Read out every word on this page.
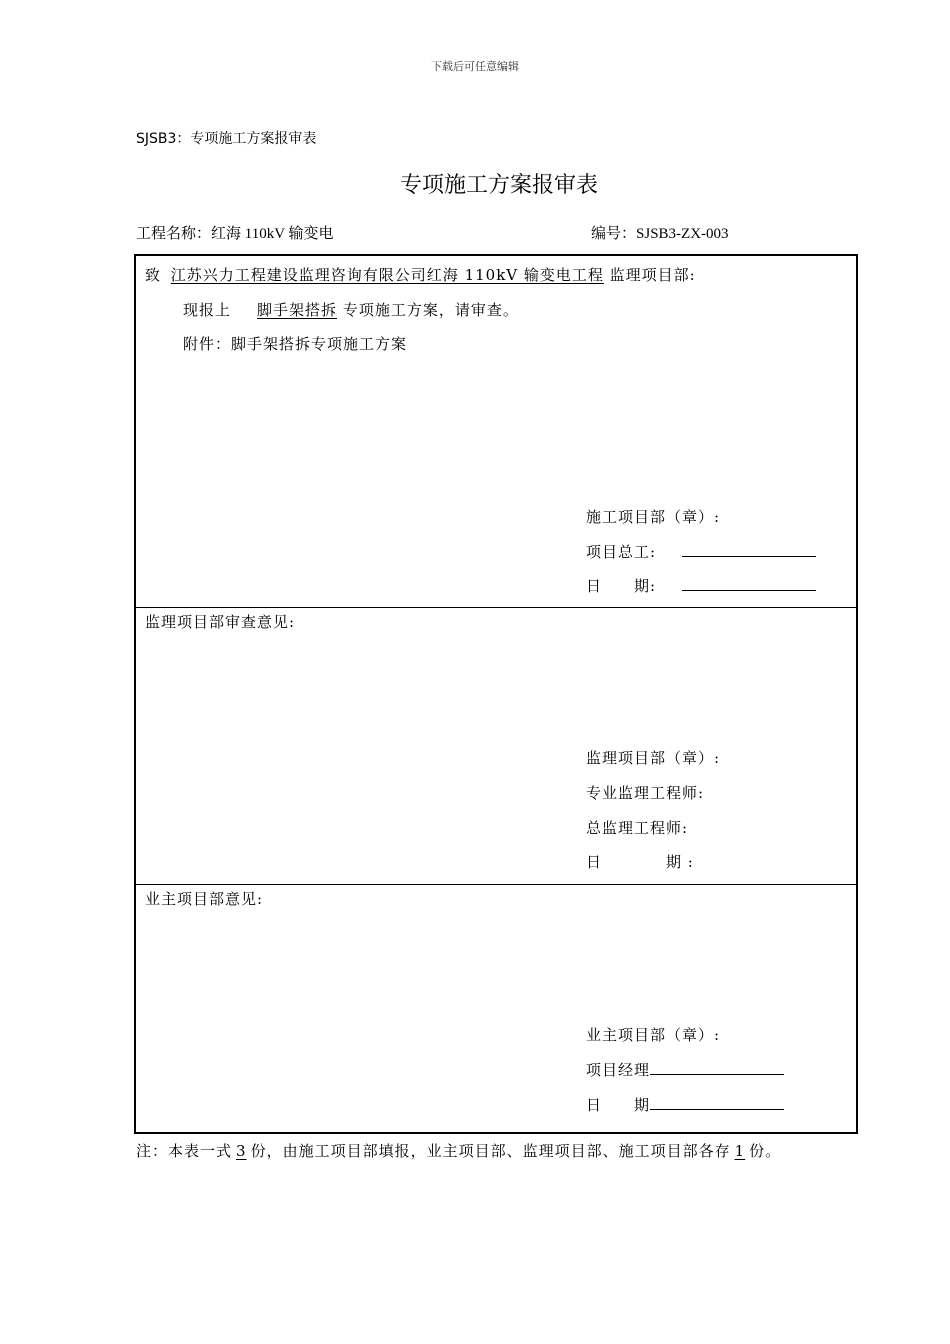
下载后可任意编辑
SJSB3：专项施工方案报审表
专项施工方案报审表
工程名称：红海 110kV 输变电	编号：SJSB3-ZX-003
致 江苏兴力工程建设监理咨询有限公司红海 110kV 输变电工程 监理项目部:
现报上 脚手架搭拆 专项施工方案，请审查。
附件：脚手架搭拆专项施工方案
施工项目部（章）:
项目总工:
日　　期:
监理项目部审查意见:
监理项目部（章）:
专业监理工程师:
总监理工程师:
日　　　　期 :
业主项目部意见:
业主项目部（章）:
项目经理
日　　期
注：本表一式 3 份，由施工项目部填报，业主项目部、监理项目部、施工项目部各存 1 份。
